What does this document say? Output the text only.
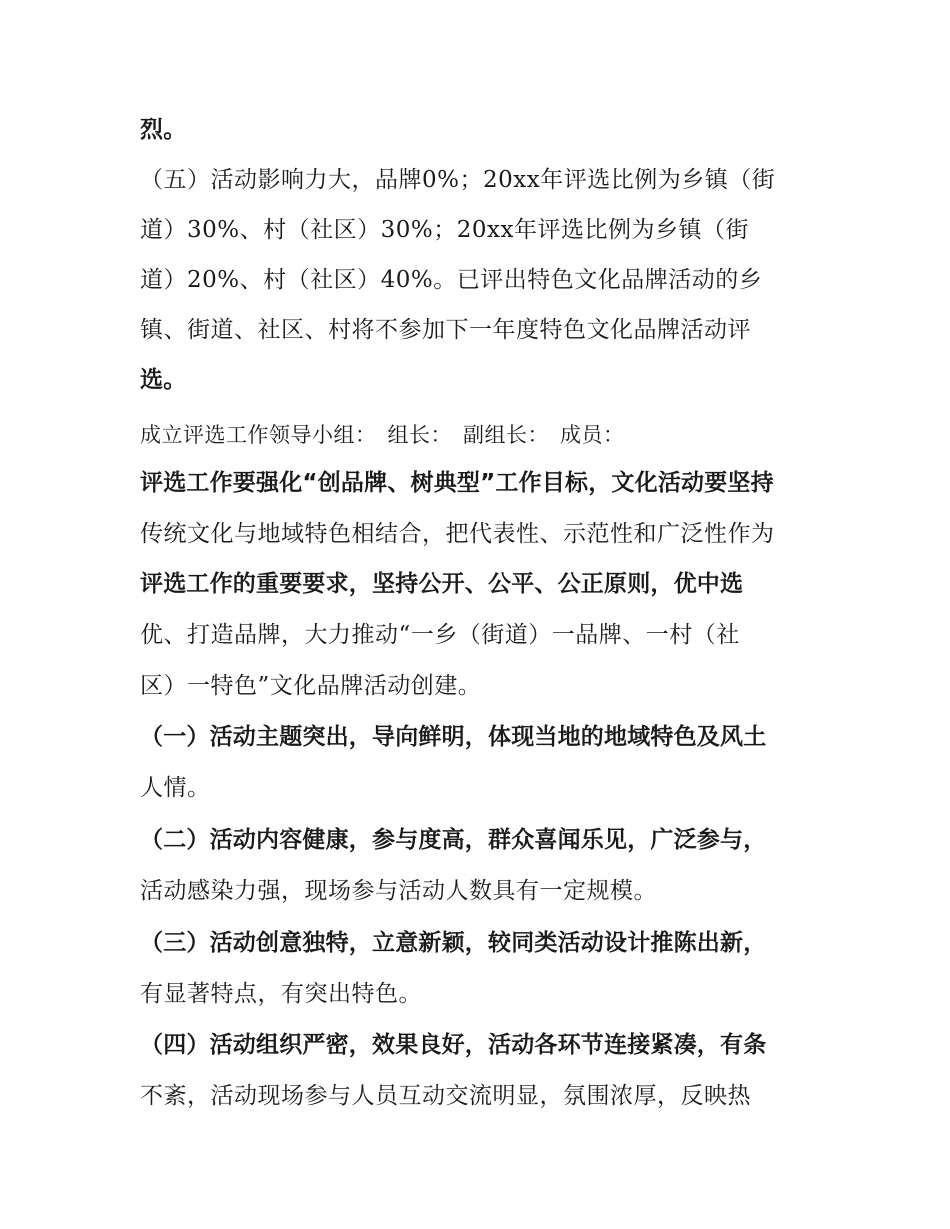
烈。
（五）活动影响力大，品牌0%；20xx年评选比例为乡镇（街
道）30%、村（社区）30%；20xx年评选比例为乡镇（街
道）20%、村（社区）40%。已评出特色文化品牌活动的乡
镇、街道、社区、村将不参加下一年度特色文化品牌活动评
选。
成立评选工作领导小组：　组长：　副组长：　成员：
评选工作要强化“创品牌、树典型”工作目标，文化活动要坚持
传统文化与地域特色相结合，把代表性、示范性和广泛性作为
评选工作的重要要求，坚持公开、公平、公正原则，优中选
优、打造品牌，大力推动“一乡（街道）一品牌、一村（社
区）一特色”文化品牌活动创建。
（一）活动主题突出，导向鲜明，体现当地的地域特色及风土
人情。
（二）活动内容健康，参与度高，群众喜闻乐见，广泛参与，
活动感染力强，现场参与活动人数具有一定规模。
（三）活动创意独特，立意新颖，较同类活动设计推陈出新，
有显著特点，有突出特色。
（四）活动组织严密，效果良好，活动各环节连接紧凑，有条
不紊，活动现场参与人员互动交流明显，氛围浓厚，反映热
